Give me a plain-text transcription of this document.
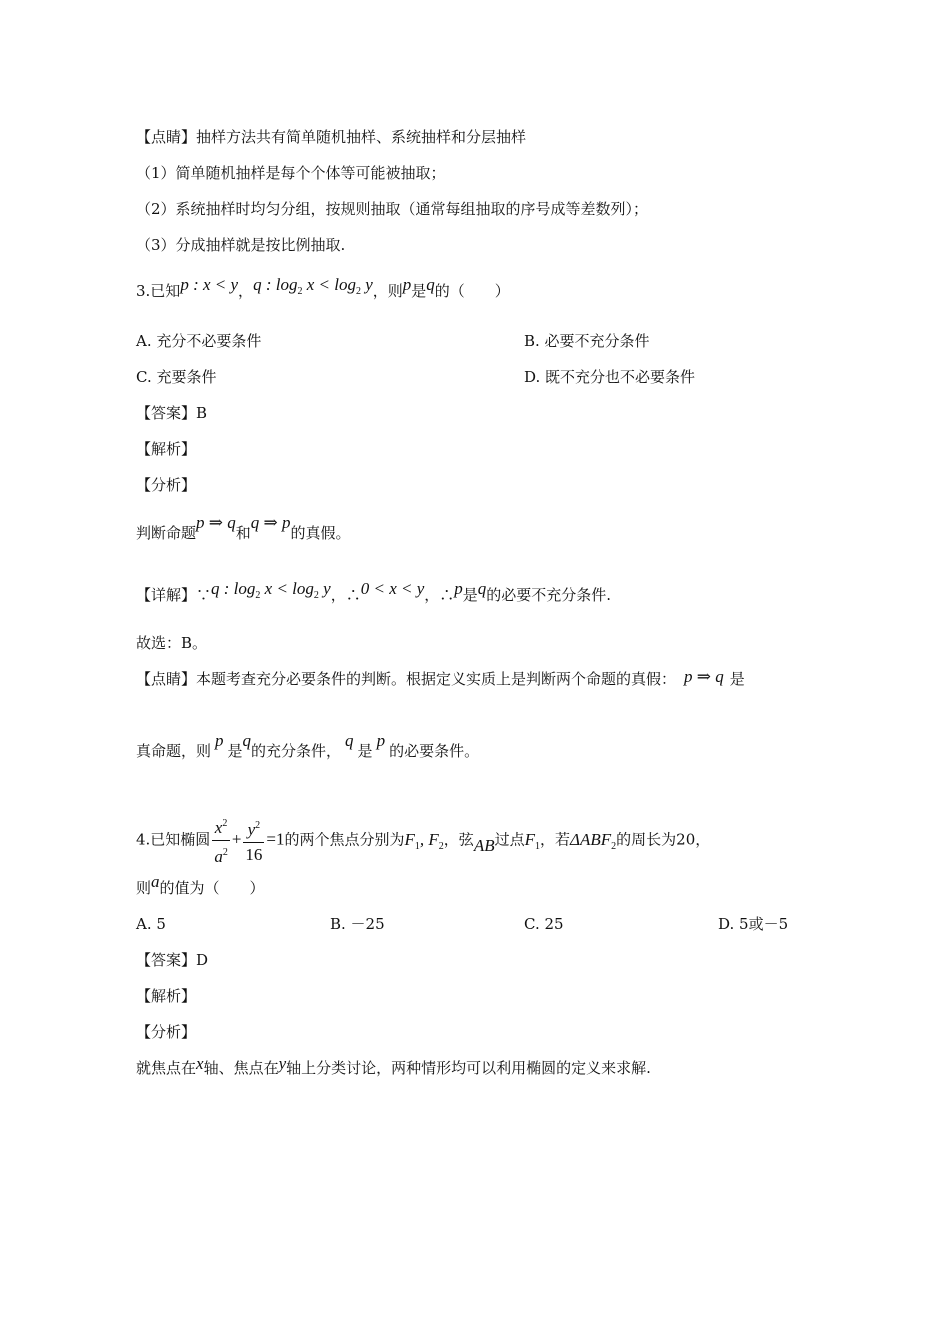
【点睛】抽样方法共有简单随机抽样、系统抽样和分层抽样
（1）简单随机抽样是每个个体等可能被抽取；
（2）系统抽样时均匀分组，按规则抽取（通常每组抽取的序号成等差数列）；
（3）分成抽样就是按比例抽取.
3.已知p : x < y，q : $\log_2 x < \log_2 y$，则p是q的（　　）
A. 充分不必要条件	B. 必要不充分条件
C. 充要条件	D. 既不充分也不必要条件
【答案】B
【解析】
【分析】
判断命题p ⇒ q和q ⇒ p的真假。
【详解】∵q : $\log_2 x < \log_2 y$，∴0 < x < y，∴p是q的必要不充分条件.
故选：B。
【点睛】本题考查充分必要条件的判断。根据定义实质上是判断两个命题的真假： p ⇒ q 是
真命题，则p是q的充分条件，q是p的必要条件。
4.已知椭圆 $\frac{x^2}{a^2} + \frac{y^2}{16} =1$的两个焦点分别为$F_1$, $F_2$，弦AB过点$F_1$，若$\Delta ABF_2$的周长为20，
则a的值为（　　）
A. 5	B. －25	C. 25	D. 5或－5
【答案】D
【解析】
【分析】
就焦点在x轴、焦点在y轴上分类讨论，两种情形均可以利用椭圆的定义来求解.
